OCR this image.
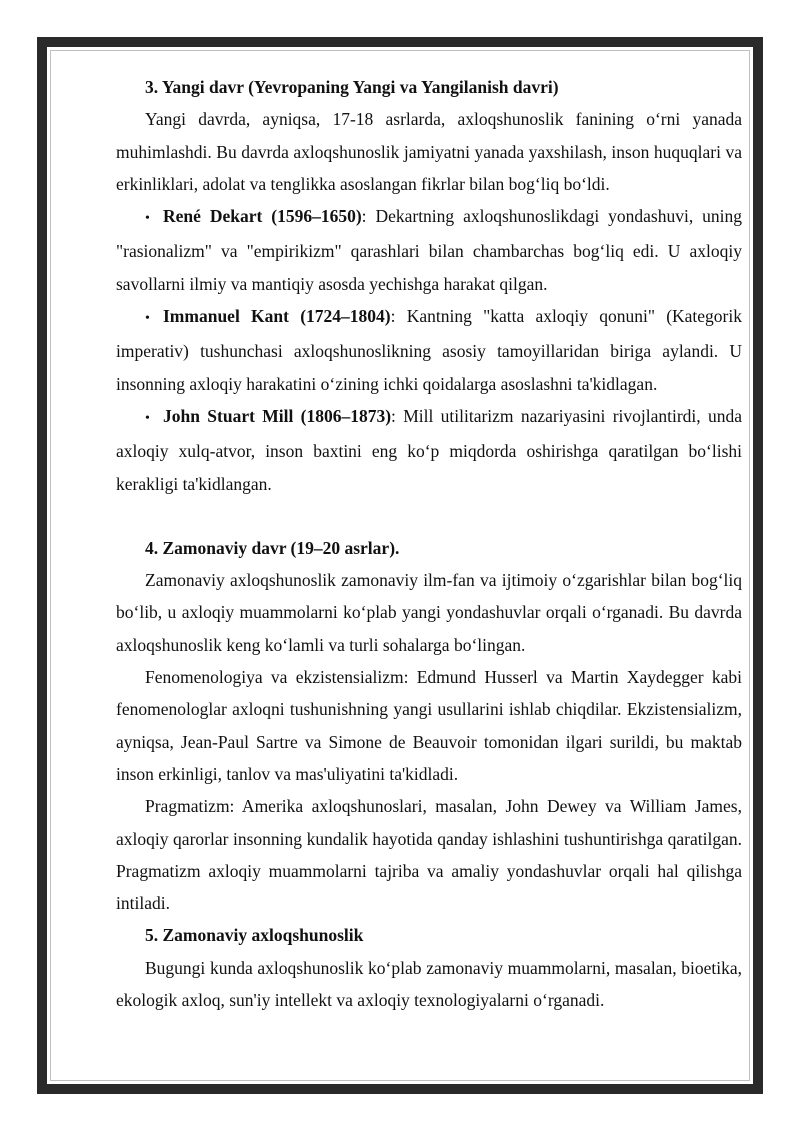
3. Yangi davr (Yevropaning Yangi va Yangilanish davri)

Yangi davrda, ayniqsa, 17-18 asrlarda, axloqshunoslik fanining o‘rni yanada muhimlashdi. Bu davrda axloqshunoslik jamiyatni yanada yaxshilash, inson huquqlari va erkinliklari, adolat va tenglikka asoslangan fikrlar bilan bog‘liq bo‘ldi.

• René Dekart (1596–1650): Dekartning axloqshunoslikdagi yondashuvi, uning "rasionalizm" va "empirikizm" qarashlari bilan chambarchas bog‘liq edi. U axloqiy savollarni ilmiy va mantiqiy asosda yechishga harakat qilgan.

• Immanuel Kant (1724–1804): Kantning "katta axloqiy qonuni" (Kategorik imperativ) tushunchasi axloqshunoslikning asosiy tamoyillaridan biriga aylandi. U insonning axloqiy harakatini o‘zining ichki qoidalarga asoslashni ta'kidlagan.

• John Stuart Mill (1806–1873): Mill utilitarizm nazariyasini rivojlantirdi, unda axloqiy xulq-atvor, inson baxtini eng ko‘p miqdorda oshirishga qaratilgan bo‘lishi kerakligi ta'kidlangan.

4. Zamonaviy davr (19–20 asrlar).

Zamonaviy axloqshunoslik zamonaviy ilm-fan va ijtimoiy o‘zgarishlar bilan bog‘liq bo‘lib, u axloqiy muammolarni ko‘plab yangi yondashuvlar orqali o‘rganadi. Bu davrda axloqshunoslik keng ko‘lamli va turli sohalarga bo‘lingan.

Fenomenologiya va ekzistensializm: Edmund Husserl va Martin Xaydegger kabi fenomenologlar axloqni tushunishning yangi usullarini ishlab chiqdilar. Ekzistensializm, ayniqsa, Jean-Paul Sartre va Simone de Beauvoir tomonidan ilgari surildi, bu maktab inson erkinligi, tanlov va mas'uliyatini ta'kidladi.

Pragmatizm: Amerika axloqshunoslari, masalan, John Dewey va William James, axloqiy qarorlar insonning kundalik hayotida qanday ishlashini tushuntirishga qaratilgan. Pragmatizm axloqiy muammolarni tajriba va amaliy yondashuvlar orqali hal qilishga intiladi.

5. Zamonaviy axloqshunoslik

Bugungi kunda axloqshunoslik ko‘plab zamonaviy muammolarni, masalan, bioetika, ekologik axloq, sun'iy intellekt va axloqiy texnologiyalarni o‘rganadi.
